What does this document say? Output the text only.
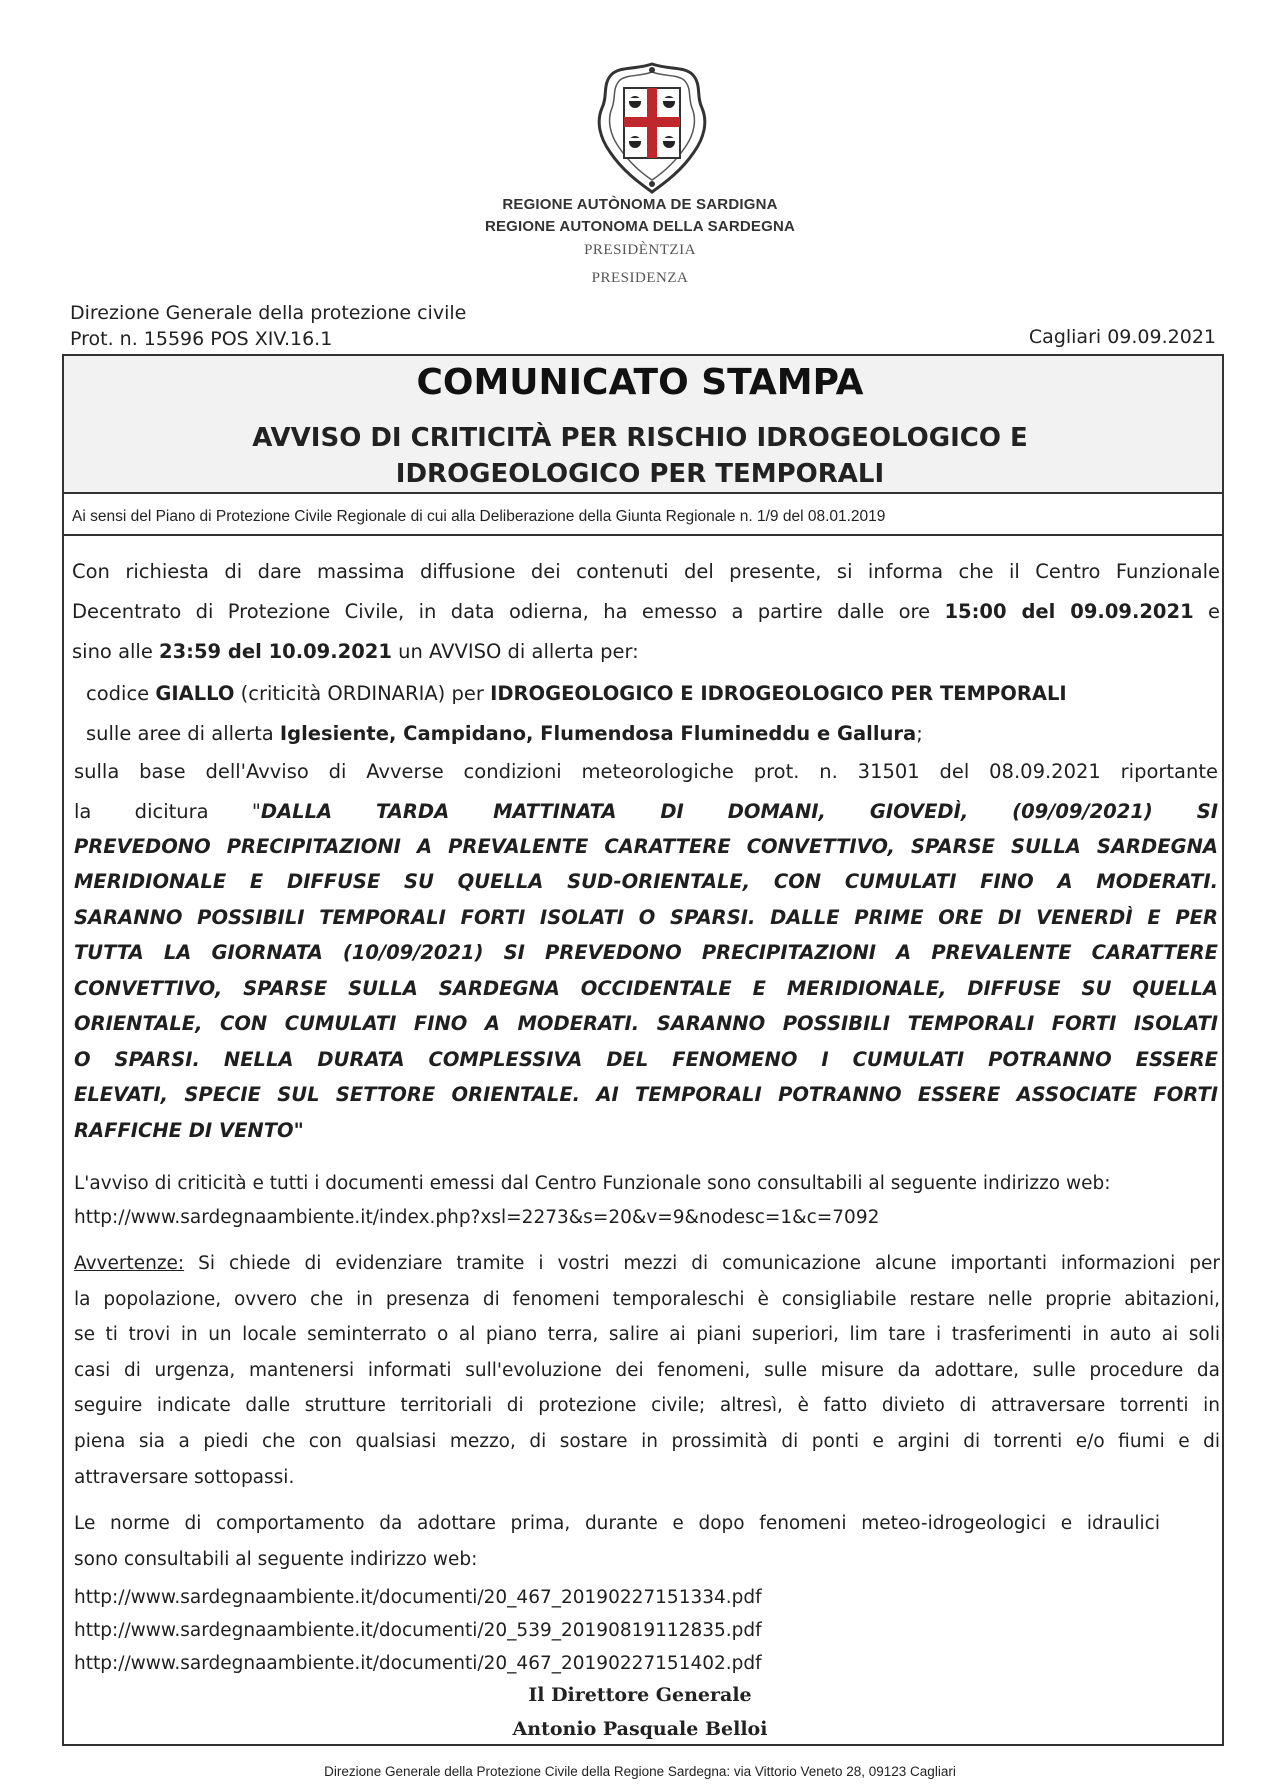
REGIONE AUTÒNOMA DE SARDIGNA
REGIONE AUTONOMA DELLA SARDEGNA
PRESIDÈNTZIA
PRESIDENZA
Direzione Generale della protezione civile
Prot. n. 15596 POS XIV.16.1	Cagliari 09.09.2021
COMUNICATO STAMPA
AVVISO DI CRITICITÀ PER RISCHIO IDROGEOLOGICO E
IDROGEOLOGICO PER TEMPORALI
Ai sensi del Piano di Protezione Civile Regionale di cui alla Deliberazione della Giunta Regionale n. 1/9 del 08.01.2019
Con richiesta di dare massima diffusione dei contenuti del presente, si informa che il Centro Funzionale
Decentrato di Protezione Civile, in data odierna, ha emesso a partire dalle ore 15:00 del 09.09.2021 e
sino alle 23:59 del 10.09.2021 un AVVISO di allerta per:
codice GIALLO (criticità ORDINARIA) per IDROGEOLOGICO E IDROGEOLOGICO PER TEMPORALI
sulle aree di allerta Iglesiente, Campidano, Flumendosa Flumineddu e Gallura;
sulla base dell'Avviso di Avverse condizioni meteorologiche prot. n. 31501 del 08.09.2021 riportante
la dicitura "DALLA TARDA MATTINATA DI DOMANI, GIOVEDÌ, (09/09/2021) SI
PREVEDONO PRECIPITAZIONI A PREVALENTE CARATTERE CONVETTIVO, SPARSE SULLA SARDEGNA
MERIDIONALE E DIFFUSE SU QUELLA SUD-ORIENTALE, CON CUMULATI FINO A MODERATI.
SARANNO POSSIBILI TEMPORALI FORTI ISOLATI O SPARSI. DALLE PRIME ORE DI VENERDÌ E PER
TUTTA LA GIORNATA (10/09/2021) SI PREVEDONO PRECIPITAZIONI A PREVALENTE CARATTERE
CONVETTIVO, SPARSE SULLA SARDEGNA OCCIDENTALE E MERIDIONALE, DIFFUSE SU QUELLA
ORIENTALE, CON CUMULATI FINO A MODERATI. SARANNO POSSIBILI TEMPORALI FORTI ISOLATI
O SPARSI. NELLA DURATA COMPLESSIVA DEL FENOMENO I CUMULATI POTRANNO ESSERE
ELEVATI, SPECIE SUL SETTORE ORIENTALE. AI TEMPORALI POTRANNO ESSERE ASSOCIATE FORTI
RAFFICHE DI VENTO"
L'avviso di criticità e tutti i documenti emessi dal Centro Funzionale sono consultabili al seguente indirizzo web:
http://www.sardegnaambiente.it/index.php?xsl=2273&s=20&v=9&nodesc=1&c=7092
Avvertenze: Si chiede di evidenziare tramite i vostri mezzi di comunicazione alcune importanti informazioni per
la popolazione, ovvero che in presenza di fenomeni temporaleschi è consigliabile restare nelle proprie abitazioni,
se ti trovi in un locale seminterrato o al piano terra, salire ai piani superiori, lim tare i trasferimenti in auto ai soli
casi di urgenza, mantenersi informati sull'evoluzione dei fenomeni, sulle misure da adottare, sulle procedure da
seguire indicate dalle strutture territoriali di protezione civile; altresì, è fatto divieto di attraversare torrenti in
piena sia a piedi che con qualsiasi mezzo, di sostare in prossimità di ponti e argini di torrenti e/o fiumi e di
attraversare sottopassi.
Le norme di comportamento da adottare prima, durante e dopo fenomeni meteo-idrogeologici e idraulici
sono consultabili al seguente indirizzo web:
http://www.sardegnaambiente.it/documenti/20_467_20190227151334.pdf
http://www.sardegnaambiente.it/documenti/20_539_20190819112835.pdf
http://www.sardegnaambiente.it/documenti/20_467_20190227151402.pdf
Il Direttore Generale
Antonio Pasquale Belloi
Direzione Generale della Protezione Civile della Regione Sardegna: via Vittorio Veneto 28, 09123 Cagliari
